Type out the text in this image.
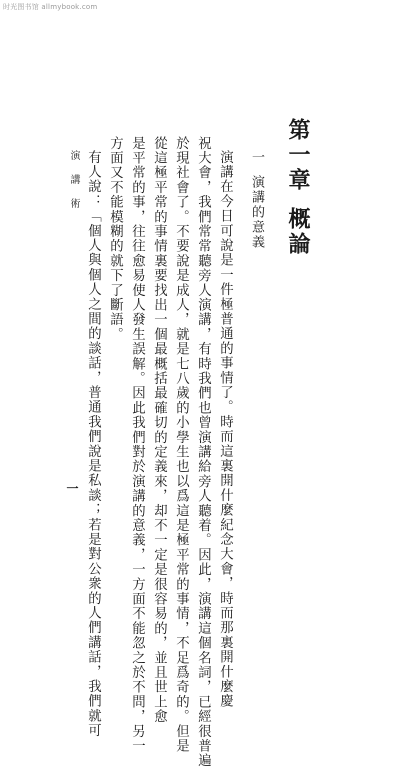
时光图书馆 allmybook.com
第一章概論
一演講的意義
演講在今日可說是一件極普通的事情了。時而這裏開什麼紀念大會，時而那裏開什麼慶
祝大會，我們常常聽旁人演講，有時我們也曾演講給旁人聽着。因此，演講這個名詞，已經很普遍
於現社會了。不要說是成人，就是七八歲的小學生也以爲這是極平常的事情，不足爲奇的。但是
從這極平常的事情裏要找出一個最概括最確切的定義來，却不一定是很容易的，並且世上愈
是平常的事，往往愈易使人發生誤解。因此我們對於演講的意義，一方面不能忽之於不問，另一
方面又不能模糊的就下了斷語。
有人說：「個人與個人之間的談話，普通我們說是私談；若是對公衆的人們講話，我們就可
演講術
一
